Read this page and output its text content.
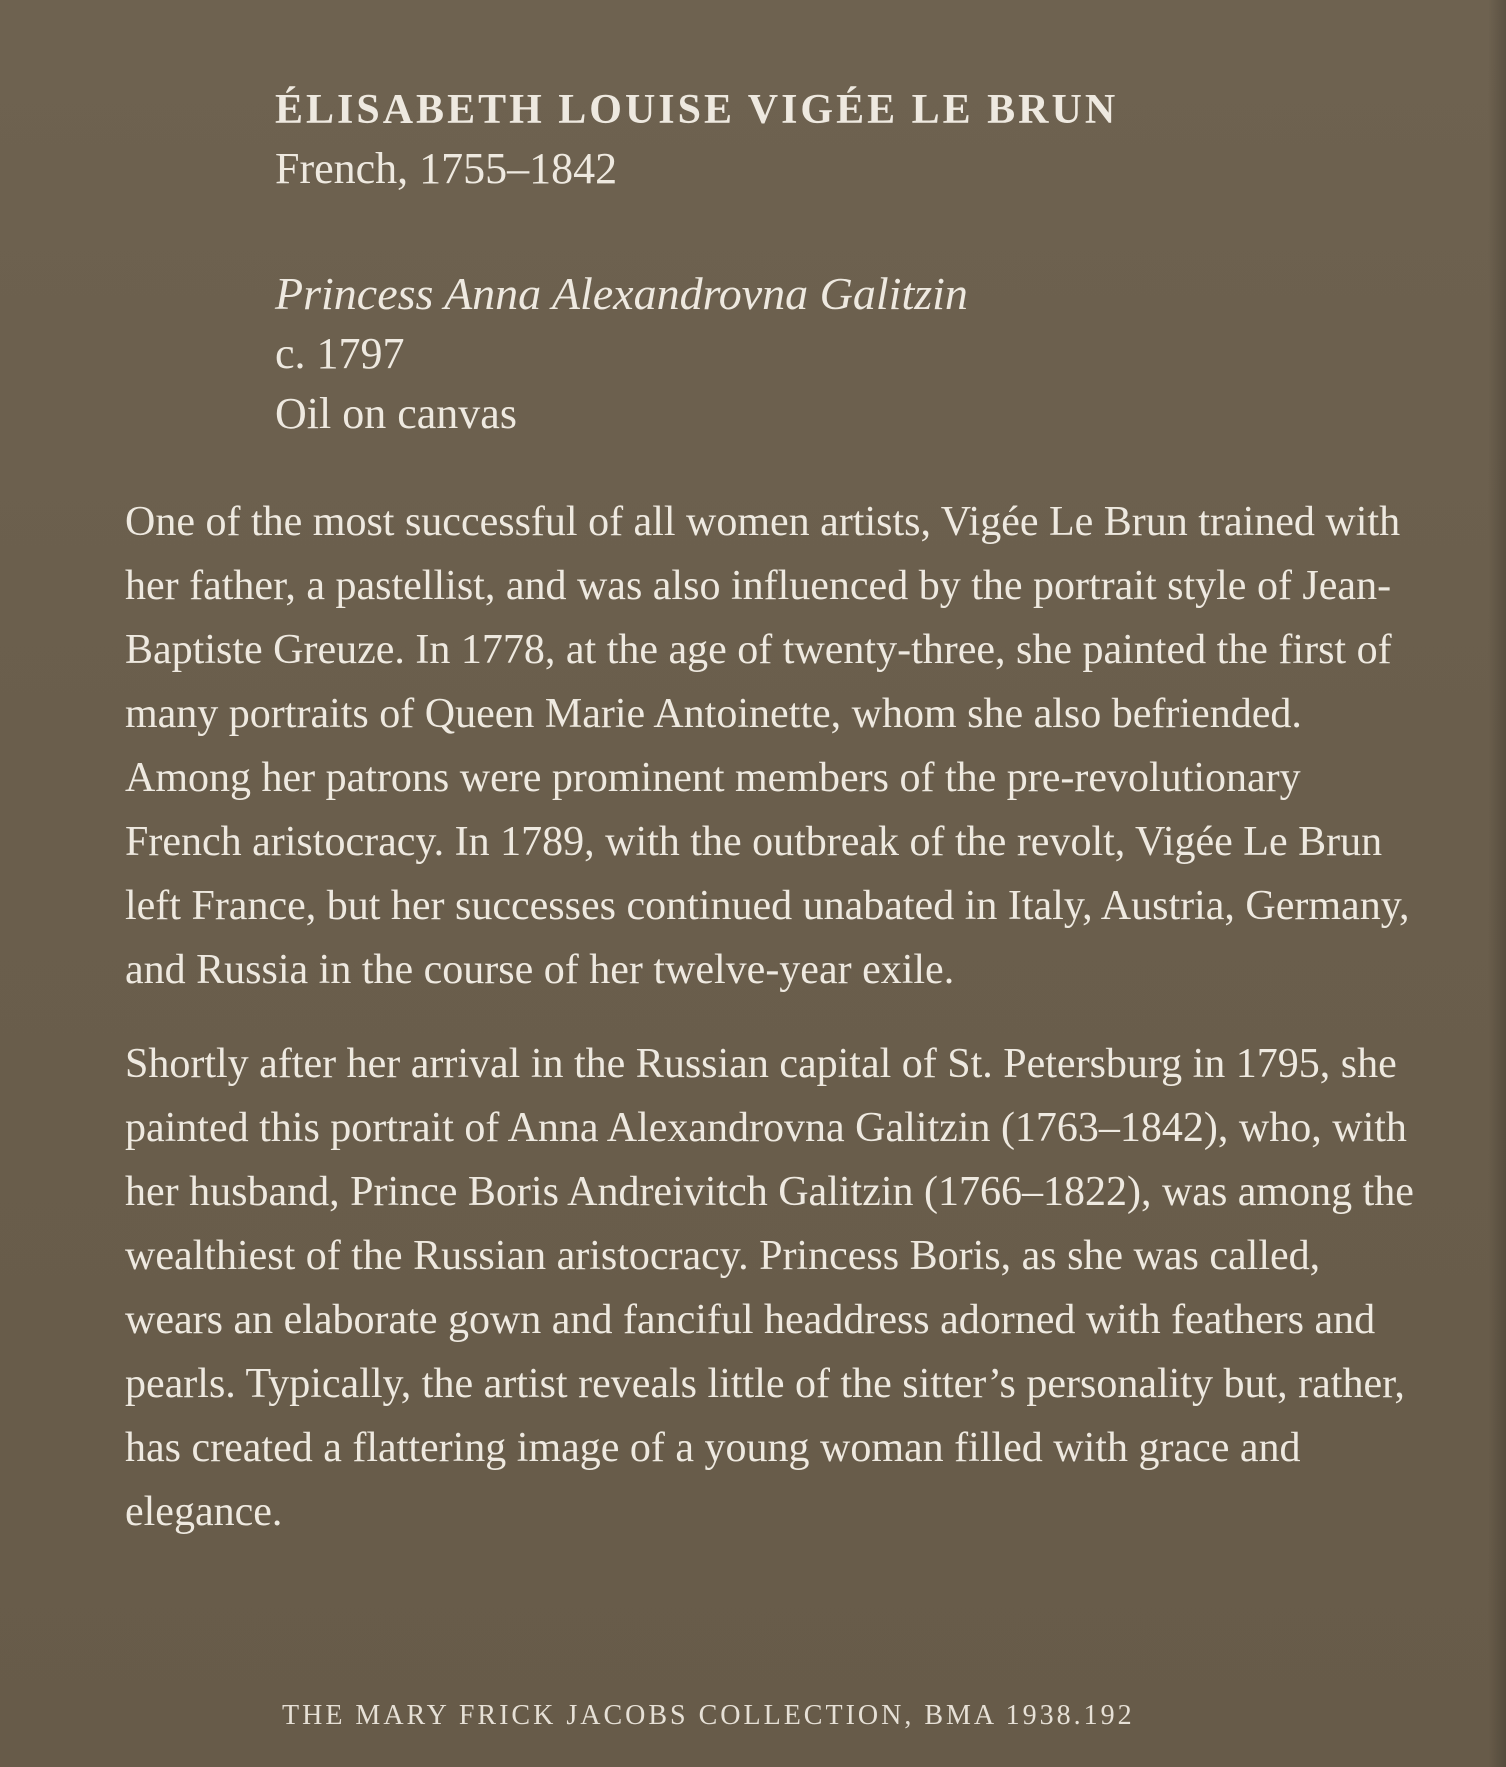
ÉLISABETH LOUISE VIGÉE LE BRUN

French, 1755–1842

Princess Anna Alexandrovna Galitzin

c. 1797

Oil on canvas

One of the most successful of all women artists, Vigée Le Brun trained with her father, a pastellist, and was also influenced by the portrait style of Jean-Baptiste Greuze. In 1778, at the age of twenty-three, she painted the first of many portraits of Queen Marie Antoinette, whom she also befriended. Among her patrons were prominent members of the pre-revolutionary French aristocracy. In 1789, with the outbreak of the revolt, Vigée Le Brun left France, but her successes continued unabated in Italy, Austria, Germany, and Russia in the course of her twelve-year exile.

Shortly after her arrival in the Russian capital of St. Petersburg in 1795, she painted this portrait of Anna Alexandrovna Galitzin (1763–1842), who, with her husband, Prince Boris Andreivitch Galitzin (1766–1822), was among the wealthiest of the Russian aristocracy. Princess Boris, as she was called, wears an elaborate gown and fanciful headdress adorned with feathers and pearls. Typically, the artist reveals little of the sitter’s personality but, rather, has created a flattering image of a young woman filled with grace and elegance.

THE MARY FRICK JACOBS COLLECTION, BMA 1938.192
